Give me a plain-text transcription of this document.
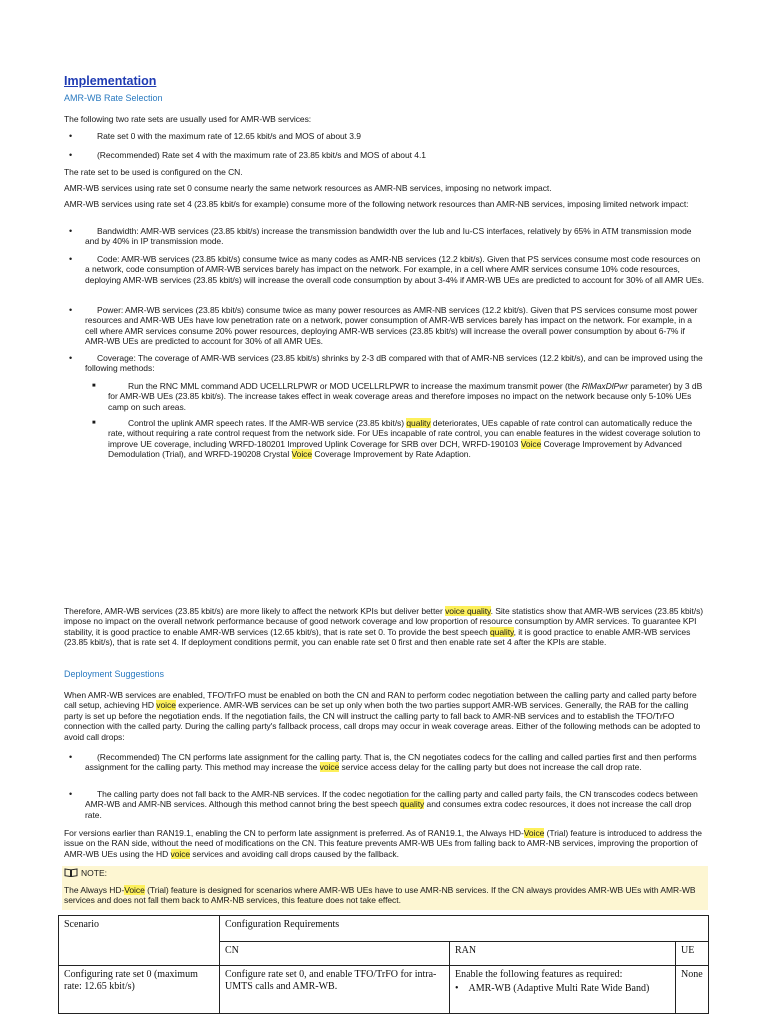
Implementation
AMR-WB Rate Selection
The following two rate sets are usually used for AMR-WB services:
•	Rate set 0 with the maximum rate of 12.65 kbit/s and MOS of about 3.9
•	(Recommended) Rate set 4 with the maximum rate of 23.85 kbit/s and MOS of about 4.1
The rate set to be used is configured on the CN.
AMR-WB services using rate set 0 consume nearly the same network resources as AMR-NB services, imposing no network impact.
AMR-WB services using rate set 4 (23.85 kbit/s for example) consume more of the following network resources than AMR-NB services, imposing limited network impact:
•	Bandwidth: AMR-WB services (23.85 kbit/s) increase the transmission bandwidth over the Iub and Iu-CS interfaces, relatively by 65% in ATM transmission mode and by 40% in IP transmission mode.
•	Code: AMR-WB services (23.85 kbit/s) consume twice as many codes as AMR-NB services (12.2 kbit/s). Given that PS services consume most code resources on a network, code consumption of AMR-WB services barely has impact on the network. For example, in a cell where AMR services consume 10% code resources, deploying AMR-WB services (23.85 kbit/s) will increase the overall code consumption by about 3-4% if AMR-WB UEs are predicted to account for 30% of all AMR UEs.
•	Power: AMR-WB services (23.85 kbit/s) consume twice as many power resources as AMR-NB services (12.2 kbit/s). Given that PS services consume most power resources and AMR-WB UEs have low penetration rate on a network, power consumption of AMR-WB services barely has impact on the network. For example, in a cell where AMR services consume 20% power resources, deploying AMR-WB services (23.85 kbit/s) will increase the overall power consumption by about 6-7% if AMR-WB UEs are predicted to account for 30% of all AMR UEs.
•	Coverage: The coverage of AMR-WB services (23.85 kbit/s) shrinks by 2-3 dB compared with that of AMR-NB services (12.2 kbit/s), and can be improved using the following methods:
■	Run the RNC MML command ADD UCELLRLPWR or MOD UCELLRLPWR to increase the maximum transmit power (the RlMaxDlPwr parameter) by 3 dB for AMR-WB UEs (23.85 kbit/s). The increase takes effect in weak coverage areas and therefore imposes no impact on the network because only 5-10% UEs camp on such areas.
■	Control the uplink AMR speech rates. If the AMR-WB service (23.85 kbit/s) quality deteriorates, UEs capable of rate control can automatically reduce the rate, without requiring a rate control request from the network side. For UEs incapable of rate control, you can enable features in the widest coverage solution to improve UE coverage, including WRFD-180201 Improved Uplink Coverage for SRB over DCH, WRFD-190103 Voice Coverage Improvement by Advanced Demodulation (Trial), and WRFD-190208 Crystal Voice Coverage Improvement by Rate Adaption.
Therefore, AMR-WB services (23.85 kbit/s) are more likely to affect the network KPIs but deliver better voice quality. Site statistics show that AMR-WB services (23.85 kbit/s) impose no impact on the overall network performance because of good network coverage and low proportion of resource consumption by AMR services. To guarantee KPI stability, it is good practice to enable AMR-WB services (12.65 kbit/s), that is rate set 0. To provide the best speech quality, it is good practice to enable AMR-WB services (23.85 kbit/s), that is rate set 4. If deployment conditions permit, you can enable rate set 0 first and then enable rate set 4 after the KPIs are stable.
Deployment Suggestions
When AMR-WB services are enabled, TFO/TrFO must be enabled on both the CN and RAN to perform codec negotiation between the calling party and called party before call setup, achieving HD voice experience. AMR-WB services can be set up only when both the two parties support AMR-WB services. Generally, the RAB for the calling party is set up before the negotiation ends. If the negotiation fails, the CN will instruct the calling party to fall back to AMR-NB services and to establish the TFO/TrFO connection with the called party. During the calling party's fallback process, call drops may occur in weak coverage areas. Either of the following methods can be adopted to avoid call drops:
•	(Recommended) The CN performs late assignment for the calling party. That is, the CN negotiates codecs for the calling and called parties first and then performs assignment for the calling party. This method may increase the voice service access delay for the calling party but does not increase the call drop rate.
•	The calling party does not fall back to the AMR-NB services. If the codec negotiation for the calling party and called party fails, the CN transcodes codecs between AMR-WB and AMR-NB services. Although this method cannot bring the best speech quality and consumes extra codec resources, it does not increase the call drop rate.
For versions earlier than RAN19.1, enabling the CN to perform late assignment is preferred. As of RAN19.1, the Always HD-Voice (Trial) feature is introduced to address the issue on the RAN side, without the need of modifications on the CN. This feature prevents AMR-WB UEs from falling back to AMR-NB services, improving the proportion of AMR-WB UEs using the HD voice services and avoiding call drops caused by the fallback.
NOTE:
The Always HD-Voice (Trial) feature is designed for scenarios where AMR-WB UEs have to use AMR-NB services. If the CN always provides AMR-WB UEs with AMR-WB services and does not fall them back to AMR-NB services, this feature does not take effect.
Scenario	Configuration Requirements		
	CN	RAN	UE
Configuring rate set 0 (maximum rate: 12.65 kbit/s)	Configure rate set 0, and enable TFO/TrFO for intra-UMTS calls and AMR-WB.	Enable the following features as required:
• AMR-WB (Adaptive Multi Rate Wide Band)	None
